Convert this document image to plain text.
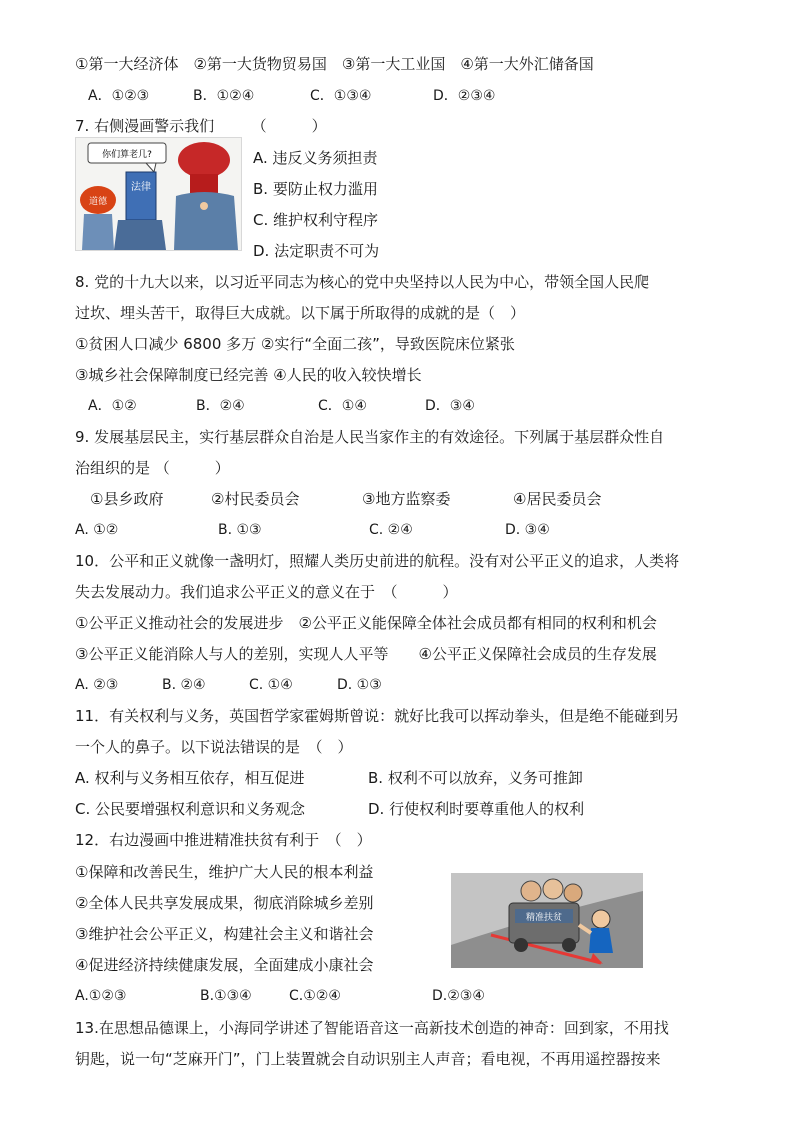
①第一大经济体　②第一大货物贸易国　③第一大工业国　④第一大外汇储备国
A．①②③	B．①②④	C．①③④	D．②③④
7. 右侧漫画警示我们　　　（　　　）
你们算老几?
法律
道德
A. 违反义务须担责
B. 要防止权力滥用
C. 维护权利守程序
D. 法定职责不可为
8. 党的十九大以来，以习近平同志为核心的党中央坚持以人民为中心，带领全国人民爬
过坎、埋头苦干，取得巨大成就。以下属于所取得的成就的是（　）
①贫困人口减少 6800 多万 ②实行“全面二孩”，导致医院床位紧张
③城乡社会保障制度已经完善 ④人民的收入较快增长
A．①②	B．②④	C．①④	D．③④
9. 发展基层民主，实行基层群众自治是人民当家作主的有效途径。下列属于基层群众性自
治组织的是 （　　　）
①县乡政府	②村民委员会	③地方监察委	④居民委员会
A. ①②	B. ①③	C. ②④	D. ③④
10．公平和正义就像一盏明灯，照耀人类历史前进的航程。没有对公平正义的追求，人类将
失去发展动力。我们追求公平正义的意义在于　（　　　）
①公平正义推动社会的发展进步　②公平正义能保障全体社会成员都有相同的权利和机会
③公平正义能消除人与人的差别，实现人人平等　　④公平正义保障社会成员的生存发展
A. ②③	B. ②④	C. ①④	D. ①③
11．有关权利与义务，英国哲学家霍姆斯曾说：就好比我可以挥动拳头，但是绝不能碰到另
一个人的鼻子。以下说法错误的是　（　）
A. 权利与义务相互依存，相互促进	B. 权利不可以放弃，义务可推卸
C. 公民要增强权利意识和义务观念	D. 行使权利时要尊重他人的权利
12．右边漫画中推进精准扶贫有利于　（　）
①保障和改善民生，维护广大人民的根本利益
②全体人民共享发展成果，彻底消除城乡差别
③维护社会公平正义，构建社会主义和谐社会
④促进经济持续健康发展，全面建成小康社会
精准扶贫
A.①②③	B.①③④	C.①②④	D.②③④
13.在思想品德课上，小海同学讲述了智能语音这一高新技术创造的神奇：回到家，不用找
钥匙，说一句“芝麻开门”，门上装置就会自动识别主人声音；看电视，不再用遥控器按来
